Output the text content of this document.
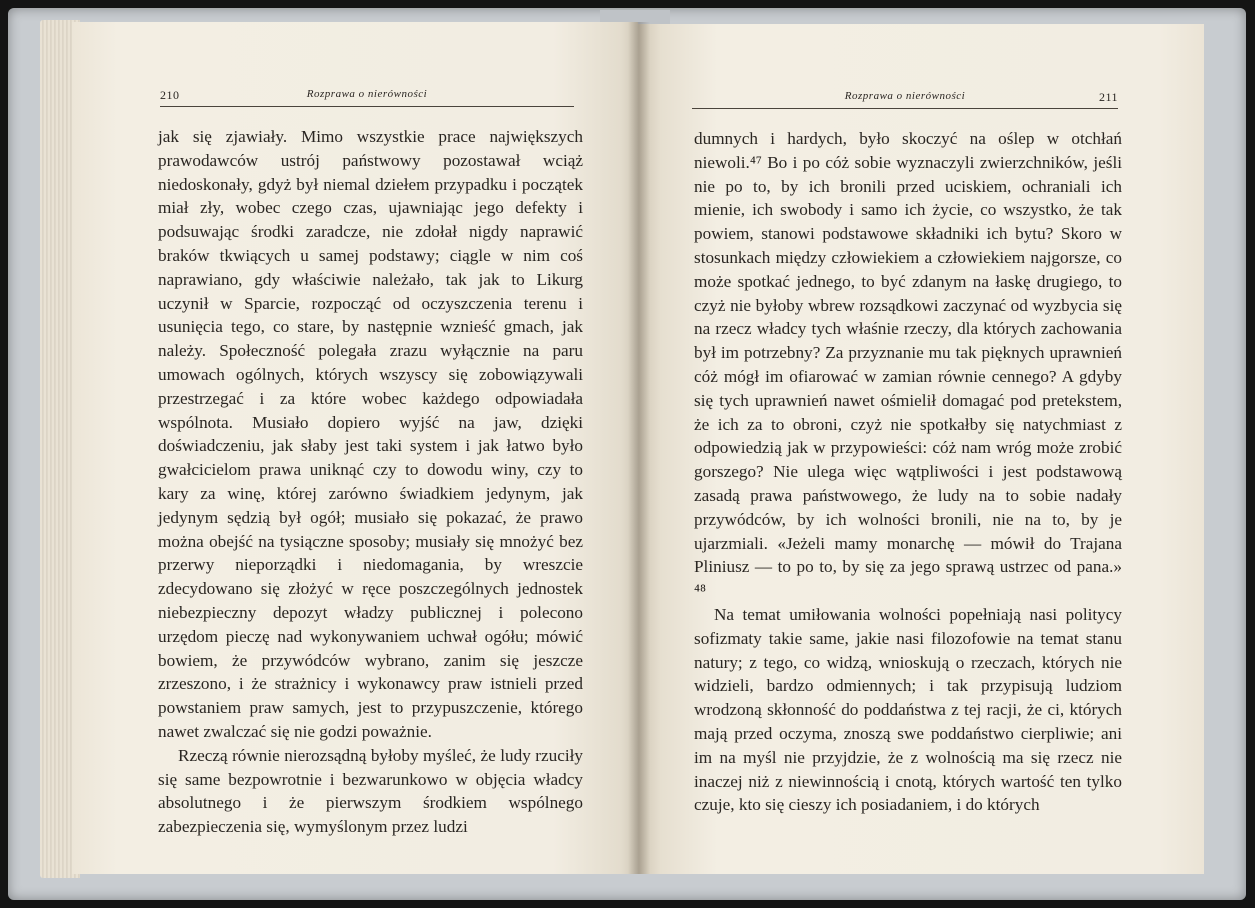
210	Rozprawa o nierówności

jak się zjawiały. Mimo wszystkie prace największych prawodawców ustrój państwowy pozostawał wciąż niedoskonały, gdyż był niemal dziełem przypadku i początek miał zły, wobec czego czas, ujawniając jego defekty i podsuwając środki zaradcze, nie zdołał nigdy naprawić braków tkwiących u samej podstawy; ciągle w nim coś naprawiano, gdy właściwie należało, tak jak to Likurg uczynił w Sparcie, rozpocząć od oczyszczenia terenu i usunięcia tego, co stare, by następnie wznieść gmach, jak należy. Społeczność polegała zrazu wyłącznie na paru umowach ogólnych, których wszyscy się zobowiązywali przestrzegać i za które wobec każdego odpowiadała wspólnota. Musiało dopiero wyjść na jaw, dzięki doświadczeniu, jak słaby jest taki system i jak łatwo było gwałcicielom prawa uniknąć czy to dowodu winy, czy to kary za winę, której zarówno świadkiem jedynym, jak jedynym sędzią był ogół; musiało się pokazać, że prawo można obejść na tysiączne sposoby; musiały się mnożyć bez przerwy nieporządki i niedomagania, by wreszcie zdecydowano się złożyć w ręce poszczególnych jednostek niebezpieczny depozyt władzy publicznej i polecono urzędom pieczę nad wykonywaniem uchwał ogółu; mówić bowiem, że przywódców wybrano, zanim się jeszcze zrzeszono, i że strażnicy i wykonawcy praw istnieli przed powstaniem praw samych, jest to przypuszczenie, którego nawet zwalczać się nie godzi poważnie.

Rzeczą równie nierozsądną byłoby myśleć, że ludy rzuciły się same bezpowrotnie i bezwarunkowo w objęcia władcy absolutnego i że pierwszym środkiem wspólnego zabezpieczenia się, wymyślonym przez ludzi

Rozprawa o nierówności	211

dumnych i hardych, było skoczyć na oślep w otchłań niewoli.⁴⁷ Bo i po cóż sobie wyznaczyli zwierzchników, jeśli nie po to, by ich bronili przed uciskiem, ochraniali ich mienie, ich swobody i samo ich życie, co wszystko, że tak powiem, stanowi podstawowe składniki ich bytu? Skoro w stosunkach między człowiekiem a człowiekiem najgorsze, co może spotkać jednego, to być zdanym na łaskę drugiego, to czyż nie byłoby wbrew rozsądkowi zaczynać od wyzbycia się na rzecz władcy tych właśnie rzeczy, dla których zachowania był im potrzebny? Za przyznanie mu tak pięknych uprawnień cóż mógł im ofiarować w zamian równie cennego? A gdyby się tych uprawnień nawet ośmielił domagać pod pretekstem, że ich za to obroni, czyż nie spotkałby się natychmiast z odpowiedzią jak w przypowieści: cóż nam wróg może zrobić gorszego? Nie ulega więc wątpliwości i jest podstawową zasadą prawa państwowego, że ludy na to sobie nadały przywódców, by ich wolności bronili, nie na to, by je ujarzmiali. «Jeżeli mamy monarchę — mówił do Trajana Pliniusz — to po to, by się za jego sprawą ustrzec od pana.» ⁴⁸

Na temat umiłowania wolności popełniają nasi politycy sofizmaty takie same, jakie nasi filozofowie na temat stanu natury; z tego, co widzą, wnioskują o rzeczach, których nie widzieli, bardzo odmiennych; i tak przypisują ludziom wrodzoną skłonność do poddaństwa z tej racji, że ci, których mają przed oczyma, znoszą swe poddaństwo cierpliwie; ani im na myśl nie przyjdzie, że z wolnością ma się rzecz nie inaczej niż z niewinnością i cnotą, których wartość ten tylko czuje, kto się cieszy ich posiadaniem, i do których
